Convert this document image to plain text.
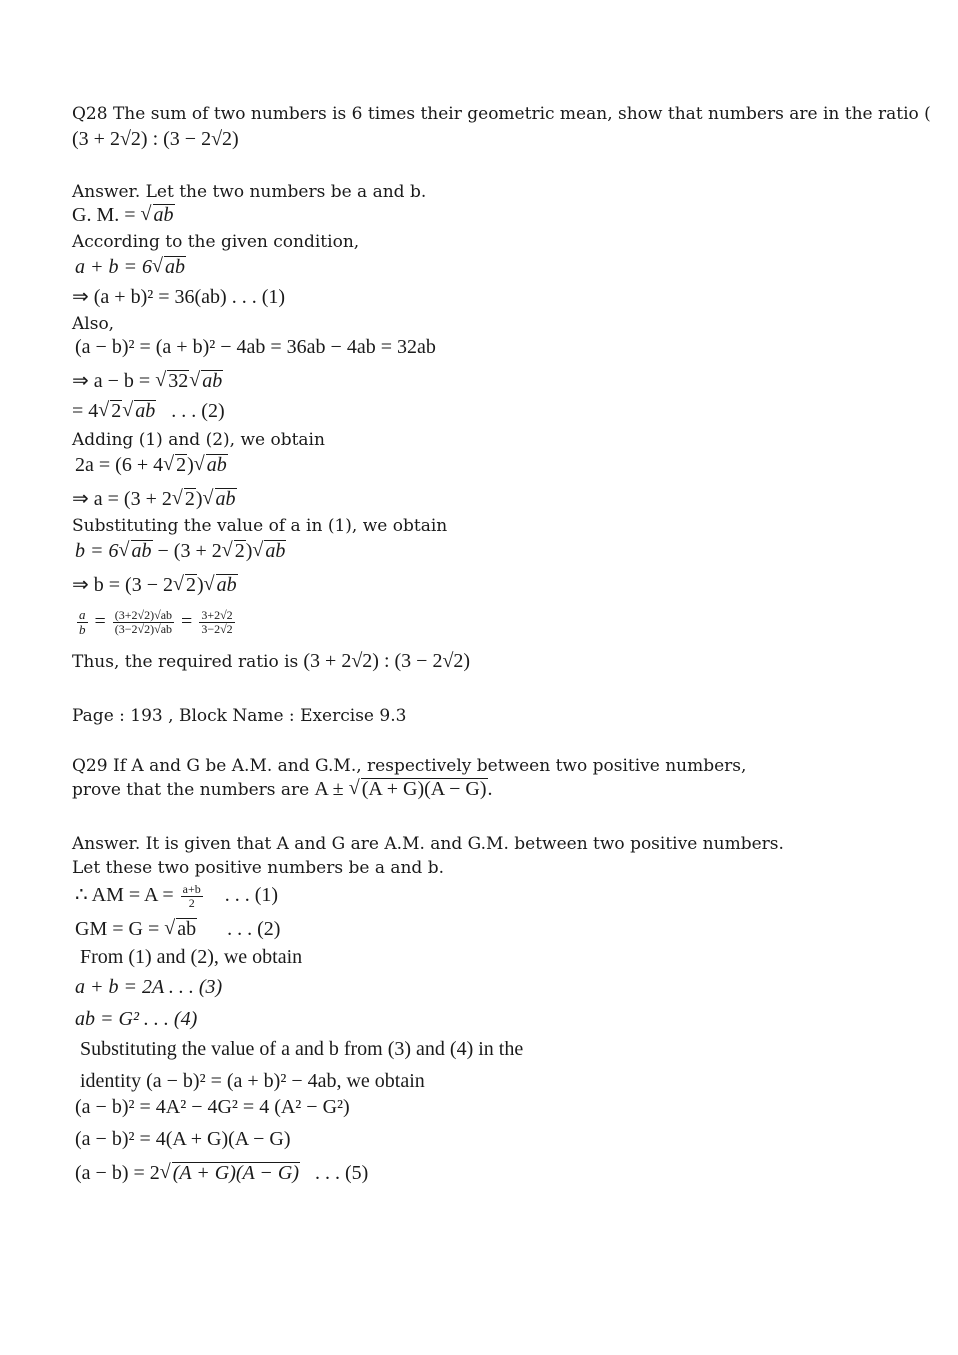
Q28 The sum of two numbers is 6 times their geometric mean, show that numbers are in the ratio (
(3 + 2√2) : (3 − 2√2)
Answer. Let the two numbers be a and b.
G. M. = √ ab
According to the given condition,
a + b = 6 √ ab
⇒ (a + b)² = 36(ab) . . . (1)
Also,
(a − b)² = (a + b)² − 4ab = 36ab − 4ab = 32ab
⇒ a − b = √ 32 √ ab
= 4 √ 2 √ ab . . . (2)
Adding (1) and (2), we obtain
2a = (6 + 4 √ 2) √ ab
⇒ a = (3 + 2 √ 2) √ ab
Substituting the value of a in (1), we obtain
b = 6 √ ab − (3 + 2 √ 2) √ ab
⇒ b = (3 − 2 √ 2) √ ab
$\frac{a}{b} = \frac{(3+2√2)√ab}{(3-2√2)√ab} = \frac{3+2√2}{3-2√2}$
Thus, the required ratio is (3 + 2√2) : (3 − 2√2)
Page : 193 , Block Name : Exercise 9.3
Q29 If A and G be A.M. and G.M., respectively between two positive numbers,
prove that the numbers are A ± √ (A + G)(A − G).
Answer. It is given that A and G are A.M. and G.M. between two positive numbers.
Let these two positive numbers be a and b.
∴ AM = $A = \frac{a+b}{2}$ . . . (1)
GM = G = √ ab . . . (2)
From (1) and (2), we obtain
a + b = 2A . . . (3)
ab = G² . . . (4)
Substituting the value of a and b from (3) and (4) in the
identity (a − b)² = (a + b)² − 4ab, we obtain
(a − b)² = 4A² − 4G² = 4 (A² − G²)
(a − b)² = 4(A + G)(A − G)
(a − b) = 2 √ (A + G)(A − G) . . . (5)
